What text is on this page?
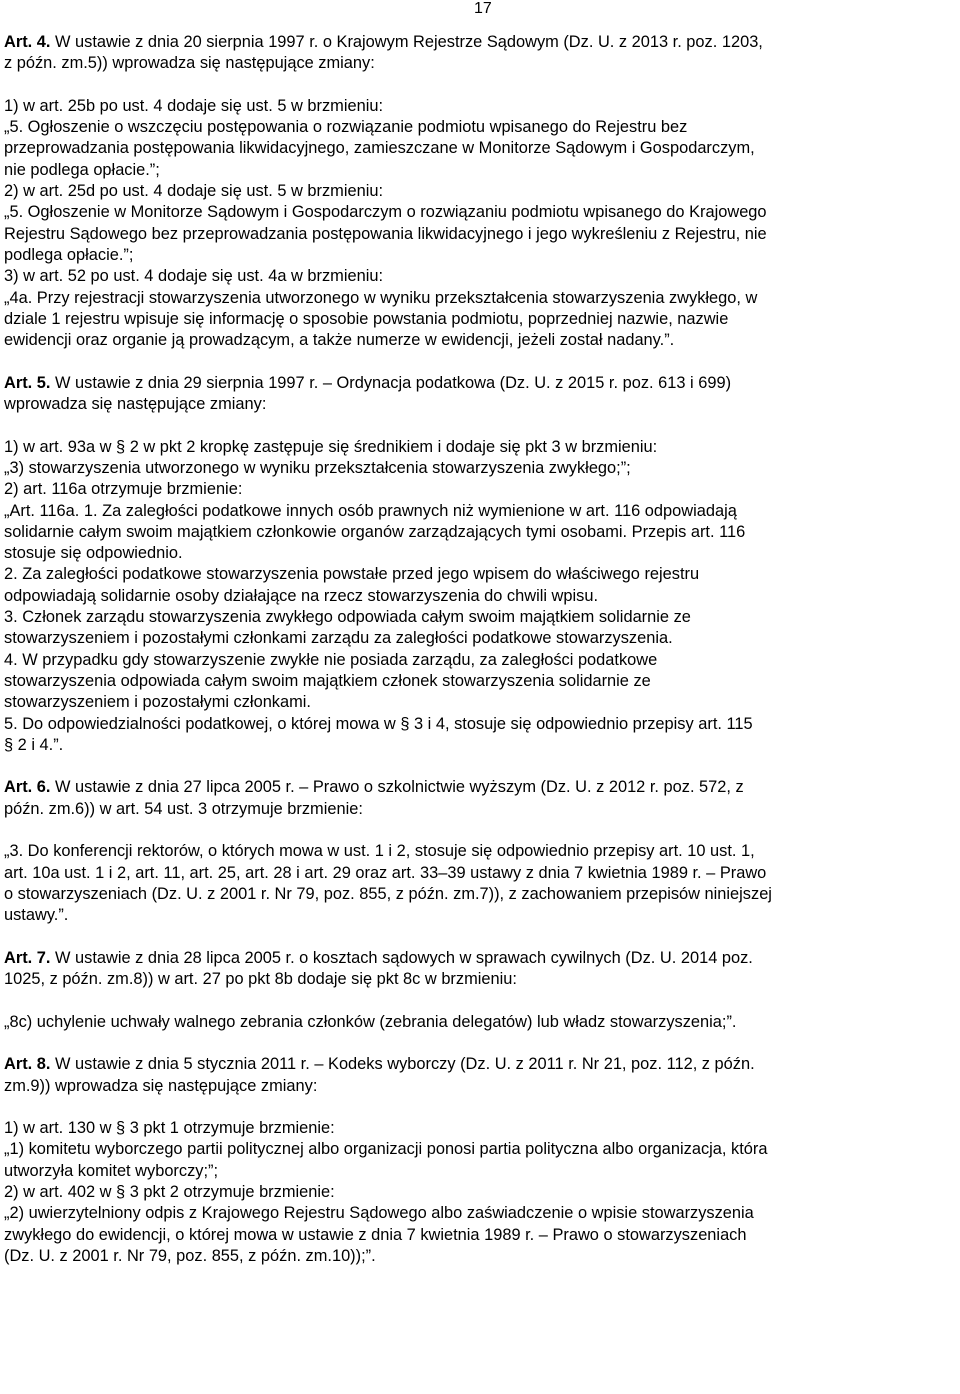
17
Art. 4. W ustawie z dnia 20 sierpnia 1997 r. o Krajowym Rejestrze Sądowym (Dz. U. z 2013 r. poz. 1203,
z późn. zm.5)) wprowadza się następujące zmiany:
1) w art. 25b po ust. 4 dodaje się ust. 5 w brzmieniu:
„5. Ogłoszenie o wszczęciu postępowania o rozwiązanie podmiotu wpisanego do Rejestru bez
przeprowadzania postępowania likwidacyjnego, zamieszczane w Monitorze Sądowym i Gospodarczym,
nie podlega opłacie.”;
2) w art. 25d po ust. 4 dodaje się ust. 5 w brzmieniu:
„5. Ogłoszenie w Monitorze Sądowym i Gospodarczym o rozwiązaniu podmiotu wpisanego do Krajowego
Rejestru Sądowego bez przeprowadzania postępowania likwidacyjnego i jego wykreśleniu z Rejestru, nie
podlega opłacie.”;
3) w art. 52 po ust. 4 dodaje się ust. 4a w brzmieniu:
„4a. Przy rejestracji stowarzyszenia utworzonego w wyniku przekształcenia stowarzyszenia zwykłego, w
dziale 1 rejestru wpisuje się informację o sposobie powstania podmiotu, poprzedniej nazwie, nazwie
ewidencji oraz organie ją prowadzącym, a także numerze w ewidencji, jeżeli został nadany.”.
Art. 5. W ustawie z dnia 29 sierpnia 1997 r. – Ordynacja podatkowa (Dz. U. z 2015 r. poz. 613 i 699)
wprowadza się następujące zmiany:
1) w art. 93a w § 2 w pkt 2 kropkę zastępuje się średnikiem i dodaje się pkt 3 w brzmieniu:
„3) stowarzyszenia utworzonego w wyniku przekształcenia stowarzyszenia zwykłego;”;
2) art. 116a otrzymuje brzmienie:
„Art. 116a. 1. Za zaległości podatkowe innych osób prawnych niż wymienione w art. 116 odpowiadają
solidarnie całym swoim majątkiem członkowie organów zarządzających tymi osobami. Przepis art. 116
stosuje się odpowiednio.
2. Za zaległości podatkowe stowarzyszenia powstałe przed jego wpisem do właściwego rejestru
odpowiadają solidarnie osoby działające na rzecz stowarzyszenia do chwili wpisu.
3. Członek zarządu stowarzyszenia zwykłego odpowiada całym swoim majątkiem solidarnie ze
stowarzyszeniem i pozostałymi członkami zarządu za zaległości podatkowe stowarzyszenia.
4. W przypadku gdy stowarzyszenie zwykłe nie posiada zarządu, za zaległości podatkowe
stowarzyszenia odpowiada całym swoim majątkiem członek stowarzyszenia solidarnie ze
stowarzyszeniem i pozostałymi członkami.
5. Do odpowiedzialności podatkowej, o której mowa w § 3 i 4, stosuje się odpowiednio przepisy art. 115
§ 2 i 4.”.
Art. 6. W ustawie z dnia 27 lipca 2005 r. – Prawo o szkolnictwie wyższym (Dz. U. z 2012 r. poz. 572, z
późn. zm.6)) w art. 54 ust. 3 otrzymuje brzmienie:
„3. Do konferencji rektorów, o których mowa w ust. 1 i 2, stosuje się odpowiednio przepisy art. 10 ust. 1,
art. 10a ust. 1 i 2, art. 11, art. 25, art. 28 i art. 29 oraz art. 33–39 ustawy z dnia 7 kwietnia 1989 r. – Prawo
o stowarzyszeniach (Dz. U. z 2001 r. Nr 79, poz. 855, z późn. zm.7)), z zachowaniem przepisów niniejszej
ustawy.”.
Art. 7. W ustawie z dnia 28 lipca 2005 r. o kosztach sądowych w sprawach cywilnych (Dz. U. 2014 poz.
1025, z późn. zm.8)) w art. 27 po pkt 8b dodaje się pkt 8c w brzmieniu:
„8c) uchylenie uchwały walnego zebrania członków (zebrania delegatów) lub władz stowarzyszenia;”.
Art. 8. W ustawie z dnia 5 stycznia 2011 r. – Kodeks wyborczy (Dz. U. z 2011 r. Nr 21, poz. 112, z późn.
zm.9)) wprowadza się następujące zmiany:
1) w art. 130 w § 3 pkt 1 otrzymuje brzmienie:
„1) komitetu wyborczego partii politycznej albo organizacji ponosi partia polityczna albo organizacja, która
utworzyła komitet wyborczy;”;
2) w art. 402 w § 3 pkt 2 otrzymuje brzmienie:
„2) uwierzytelniony odpis z Krajowego Rejestru Sądowego albo zaświadczenie o wpisie stowarzyszenia
zwykłego do ewidencji, o której mowa w ustawie z dnia 7 kwietnia 1989 r. – Prawo o stowarzyszeniach
(Dz. U. z 2001 r. Nr 79, poz. 855, z późn. zm.10));”.
